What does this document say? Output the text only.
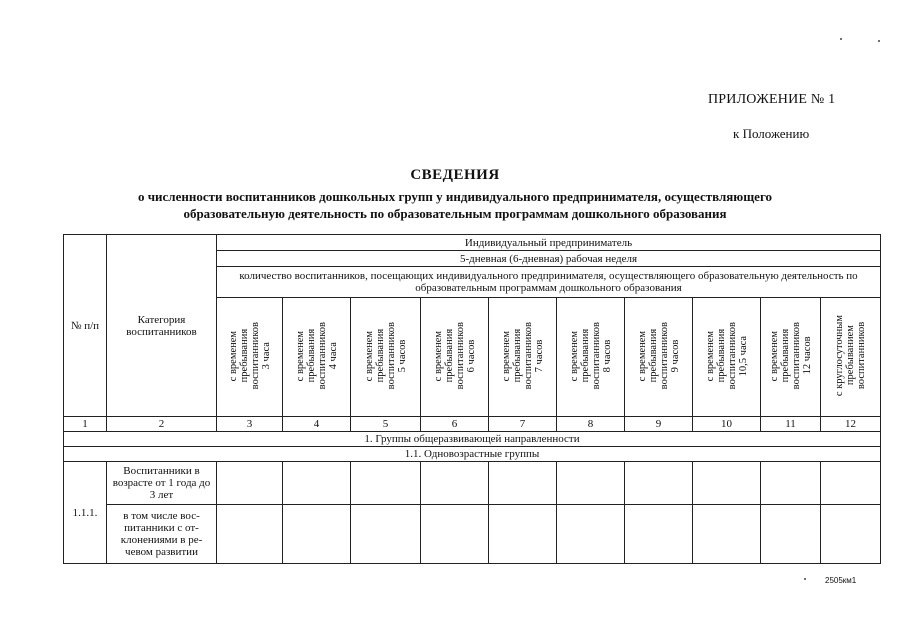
ПРИЛОЖЕНИЕ № 1
к Положению
СВЕДЕНИЯ
о численности воспитанников дошкольных групп у индивидуального предпринимателя, осуществляющего
образовательную деятельность по образовательным программам дошкольного образования
№ п/п	Категория воспитанников	Индивидуальный предприниматель									
		5-дневная (6-дневная) рабочая неделя									
		количество воспитанников, посещающих индивидуального предпринимателя, осуществляющего образовательную деятельность по образовательным программам дошкольного образования									
		с временем
пребывания
воспитанников
3 часа	с временем
пребывания
воспитанников
4 часа	с временем
пребывания
воспитанников
5 часов	с временем
пребывания
воспитанников
6 часов	с временем
пребывания
воспитанников
7 часов	с временем
пребывания
воспитанников
8 часов	с временем
пребывания
воспитанников
9 часов	с временем
пребывания
воспитанников
10,5 часа	с временем
пребывания
воспитанников
12 часов	с круглосуточным
пребыванием
воспитанников
1	2	3	4	5	6	7	8	9	10	11	12
1. Группы общеразвивающей направленности											
1.1. Одновозрастные группы											
1.1.1.	Воспитанники в возрасте от 1 года до 3 лет										
	в том числе вос-питанники с от-клонениями в ре-чевом развитии										
2505км1
